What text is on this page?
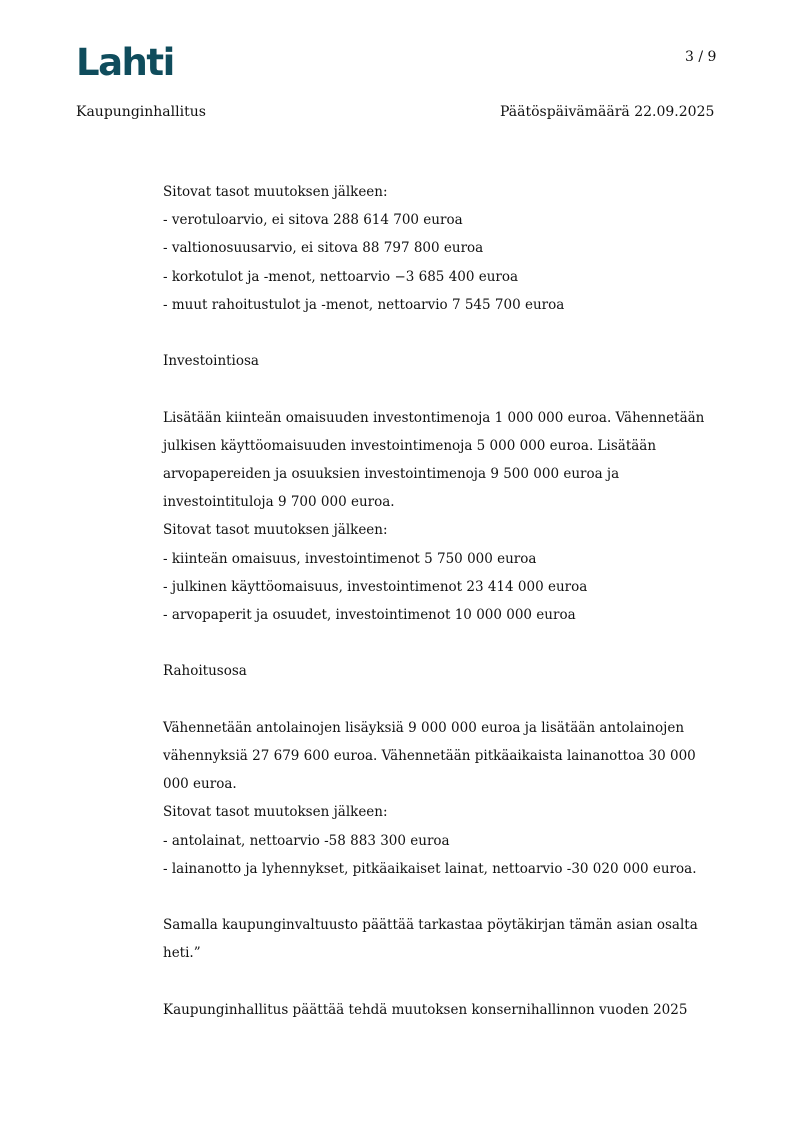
Lahti	3 / 9
Kaupunginhallitus	Päätöspäivämäärä 22.09.2025

Sitovat tasot muutoksen jälkeen:

- verotuloarvio, ei sitova 288 614 700 euroa

- valtionosuusarvio, ei sitova 88 797 800 euroa

- korkotulot ja -menot, nettoarvio −3 685 400 euroa

- muut rahoitustulot ja -menot, nettoarvio 7 545 700 euroa

Investointiosa

Lisätään kiinteän omaisuuden investontimenoja 1 000 000 euroa. Vähennetään

julkisen käyttöomaisuuden investointimenoja 5 000 000 euroa. Lisätään

arvopapereiden ja osuuksien investointimenoja 9 500 000 euroa ja

investointituloja 9 700 000 euroa.

Sitovat tasot muutoksen jälkeen:

- kiinteän omaisuus, investointimenot 5 750 000 euroa

- julkinen käyttöomaisuus, investointimenot 23 414 000 euroa

- arvopaperit ja osuudet, investointimenot 10 000 000 euroa

Rahoitusosa

Vähennetään antolainojen lisäyksiä 9 000 000 euroa ja lisätään antolainojen

vähennyksiä 27 679 600 euroa. Vähennetään pitkäaikaista lainanottoa 30 000

000 euroa.

Sitovat tasot muutoksen jälkeen:

- antolainat, nettoarvio -58 883 300 euroa

- lainanotto ja lyhennykset, pitkäaikaiset lainat, nettoarvio -30 020 000 euroa.

Samalla kaupunginvaltuusto päättää tarkastaa pöytäkirjan tämän asian osalta

heti.”

Kaupunginhallitus päättää tehdä muutoksen konsernihallinnon vuoden 2025
